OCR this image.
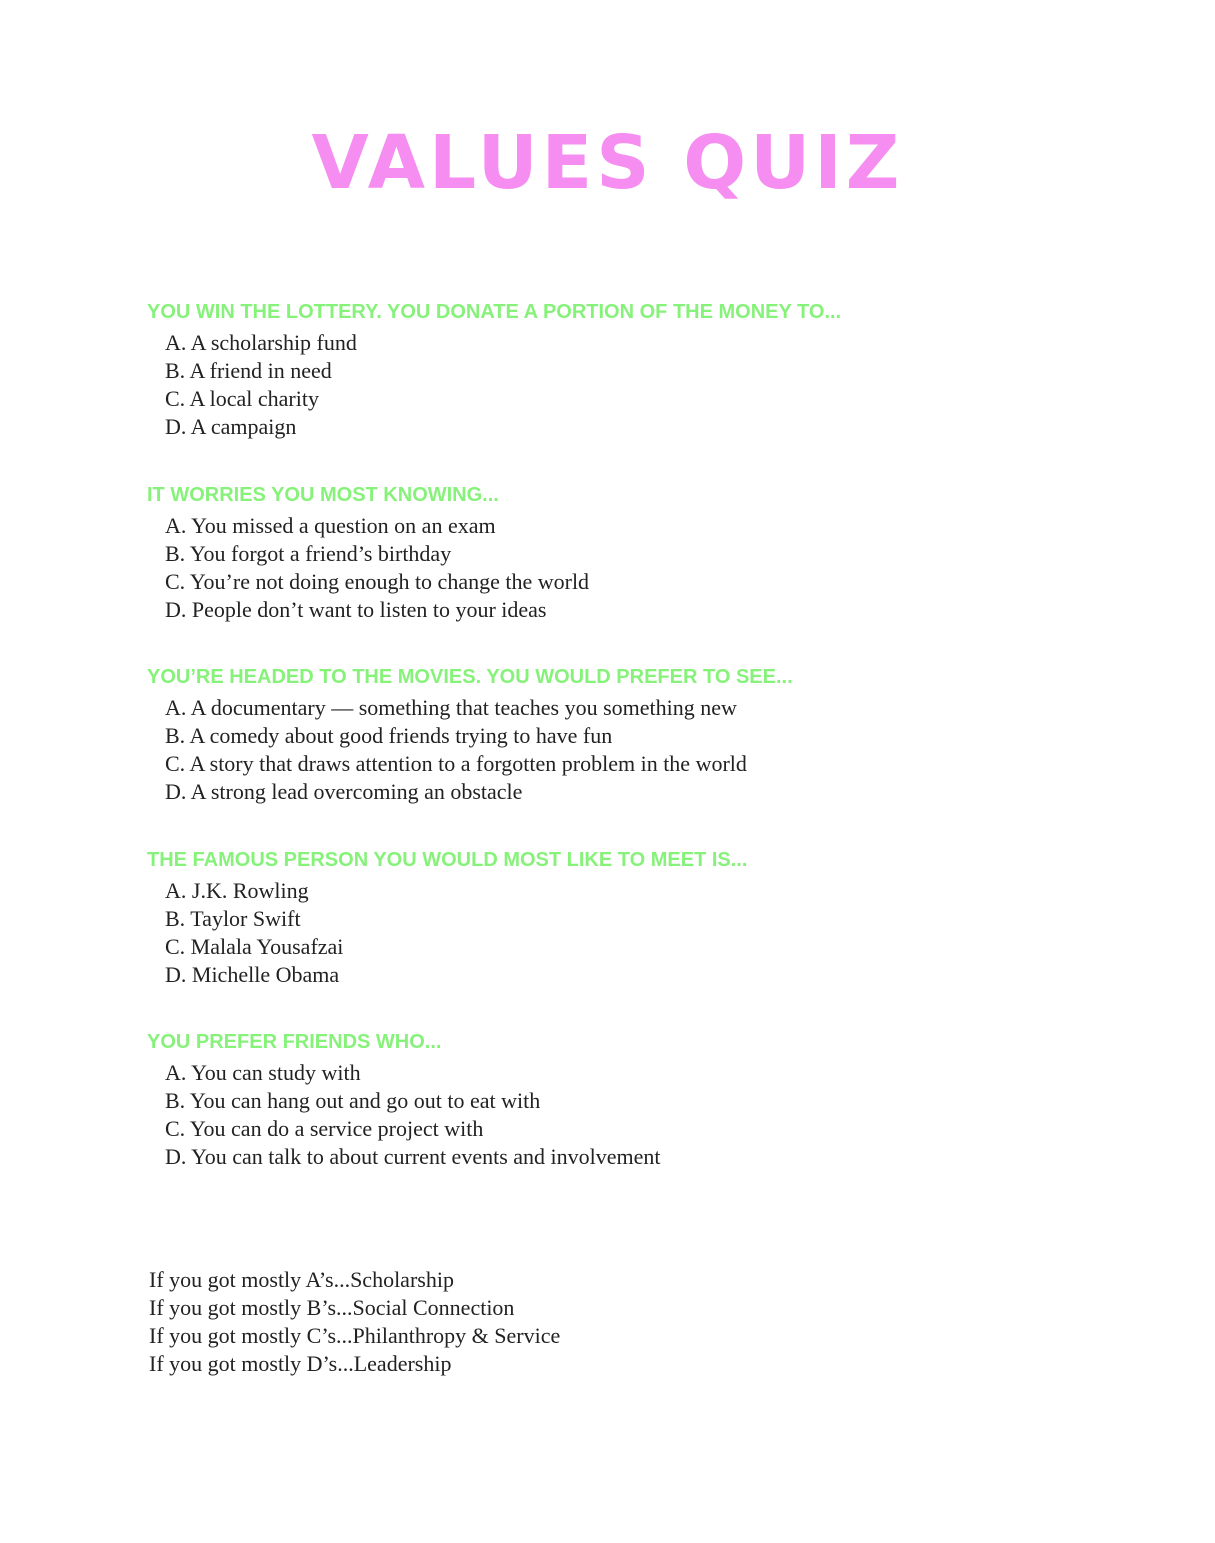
VALUES QUIZ
YOU WIN THE LOTTERY. YOU DONATE A PORTION OF THE MONEY TO...
A. A scholarship fund
B. A friend in need
C. A local charity
D. A campaign
IT WORRIES YOU MOST KNOWING...
A. You missed a question on an exam
B. You forgot a friend’s birthday
C. You’re not doing enough to change the world
D. People don’t want to listen to your ideas
YOU’RE HEADED TO THE MOVIES. YOU WOULD PREFER TO SEE...
A. A documentary — something that teaches you something new
B. A comedy about good friends trying to have fun
C. A story that draws attention to a forgotten problem in the world
D. A strong lead overcoming an obstacle
THE FAMOUS PERSON YOU WOULD MOST LIKE TO MEET IS...
A. J.K. Rowling
B. Taylor Swift
C. Malala Yousafzai
D. Michelle Obama
YOU PREFER FRIENDS WHO...
A. You can study with
B. You can hang out and go out to eat with
C. You can do a service project with
D. You can talk to about current events and involvement
If you got mostly A’s...Scholarship
If you got mostly B’s...Social Connection
If you got mostly C’s...Philanthropy & Service
If you got mostly D’s...Leadership
